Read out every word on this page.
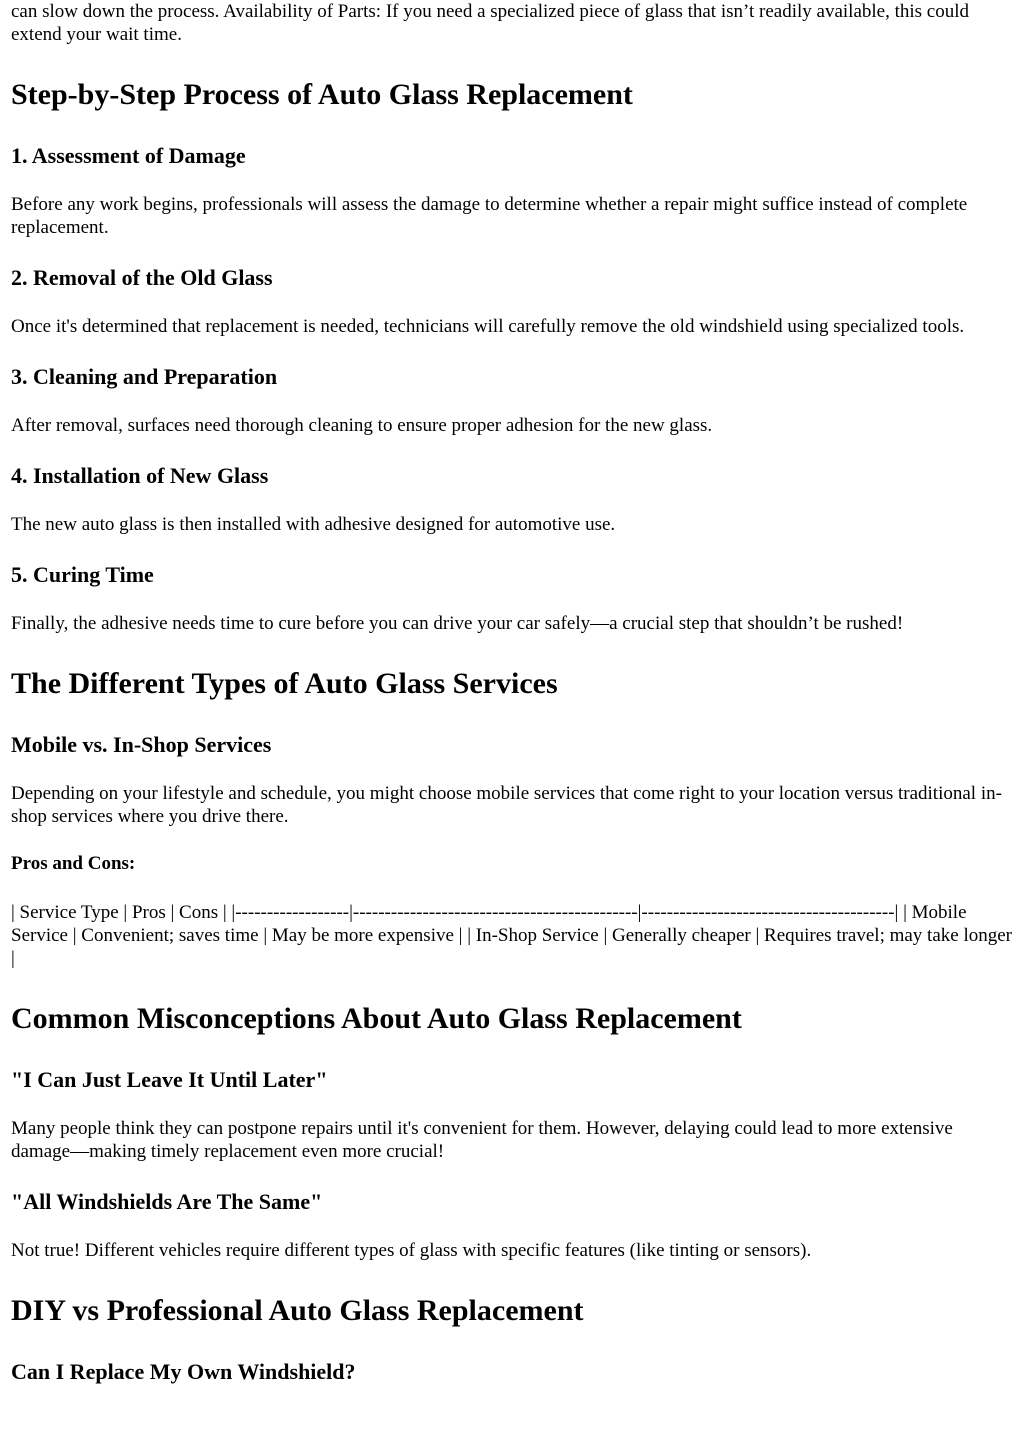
can slow down the process. Availability of Parts: If you need a specialized piece of glass that isn’t readily available, this could extend your wait time.

Step-by-Step Process of Auto Glass Replacement
1. Assessment of Damage

Before any work begins, professionals will assess the damage to determine whether a repair might suffice instead of complete replacement.

2. Removal of the Old Glass

Once it's determined that replacement is needed, technicians will carefully remove the old windshield using specialized tools.

3. Cleaning and Preparation

After removal, surfaces need thorough cleaning to ensure proper adhesion for the new glass.

4. Installation of New Glass

The new auto glass is then installed with adhesive designed for automotive use.

5. Curing Time

Finally, the adhesive needs time to cure before you can drive your car safely—a crucial step that shouldn’t be rushed!

The Different Types of Auto Glass Services
Mobile vs. In-Shop Services

Depending on your lifestyle and schedule, you might choose mobile services that come right to your location versus traditional in-shop services where you drive there.

Pros and Cons:

| Service Type | Pros | Cons | |------------------|---------------------------------------------|----------------------------------------| | Mobile Service | Convenient; saves time | May be more expensive | | In-Shop Service | Generally cheaper | Requires travel; may take longer |

Common Misconceptions About Auto Glass Replacement
"I Can Just Leave It Until Later"

Many people think they can postpone repairs until it's convenient for them. However, delaying could lead to more extensive damage—making timely replacement even more crucial!

"All Windshields Are The Same"

Not true! Different vehicles require different types of glass with specific features (like tinting or sensors).

DIY vs Professional Auto Glass Replacement
Can I Replace My Own Windshield?
